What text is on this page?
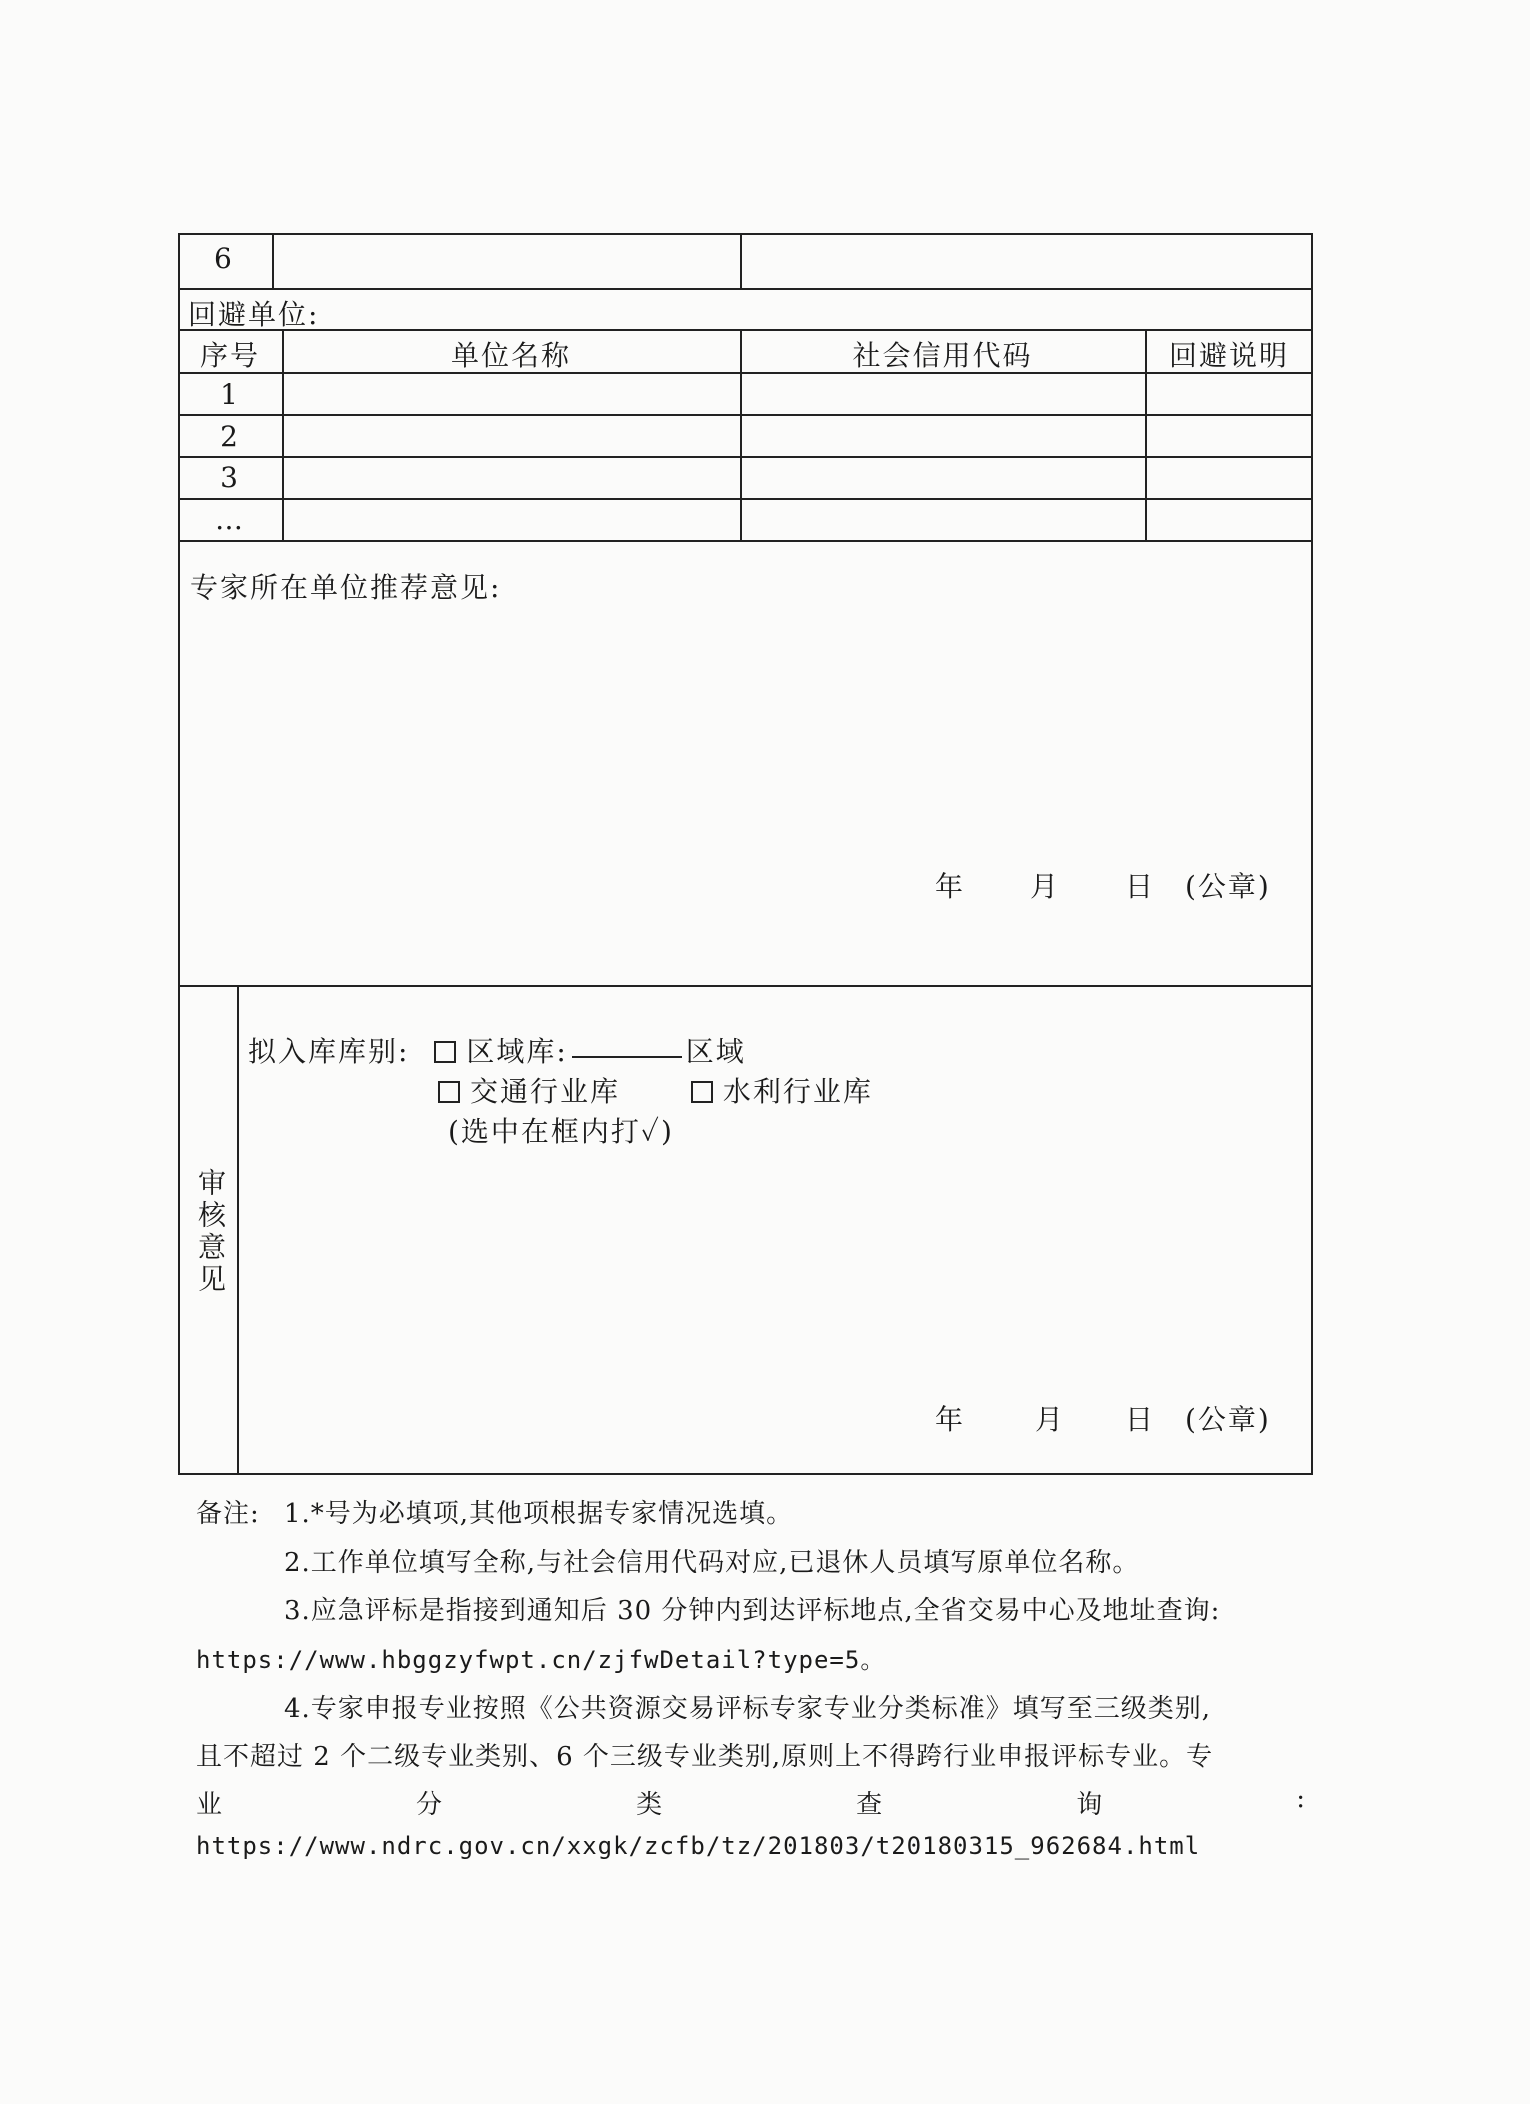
6
回避单位:
序号	单位名称	社会信用代码	回避说明
1
2
3
…
专家所在单位推荐意见:
年 月 日 (公章)
审核意见
拟入库库别: 区域库:	区域
交通行业库	水利行业库
(选中在框内打✓)
年 月 日 (公章)
备注: 1.*号为必填项,其他项根据专家情况选填。
2.工作单位填写全称,与社会信用代码对应,已退休人员填写原单位名称。
3.应急评标是指接到通知后 30 分钟内到达评标地点,全省交易中心及地址查询:
https://www.hbggzyfwpt.cn/zjfwDetail?type=5。
4.专家申报专业按照《公共资源交易评标专家专业分类标准》填写至三级类别,
且不超过 2 个二级专业类别、6 个三级专业类别,原则上不得跨行业申报评标专业。专
业	分	类	查	询	:
https://www.ndrc.gov.cn/xxgk/zcfb/tz/201803/t20180315_962684.html
